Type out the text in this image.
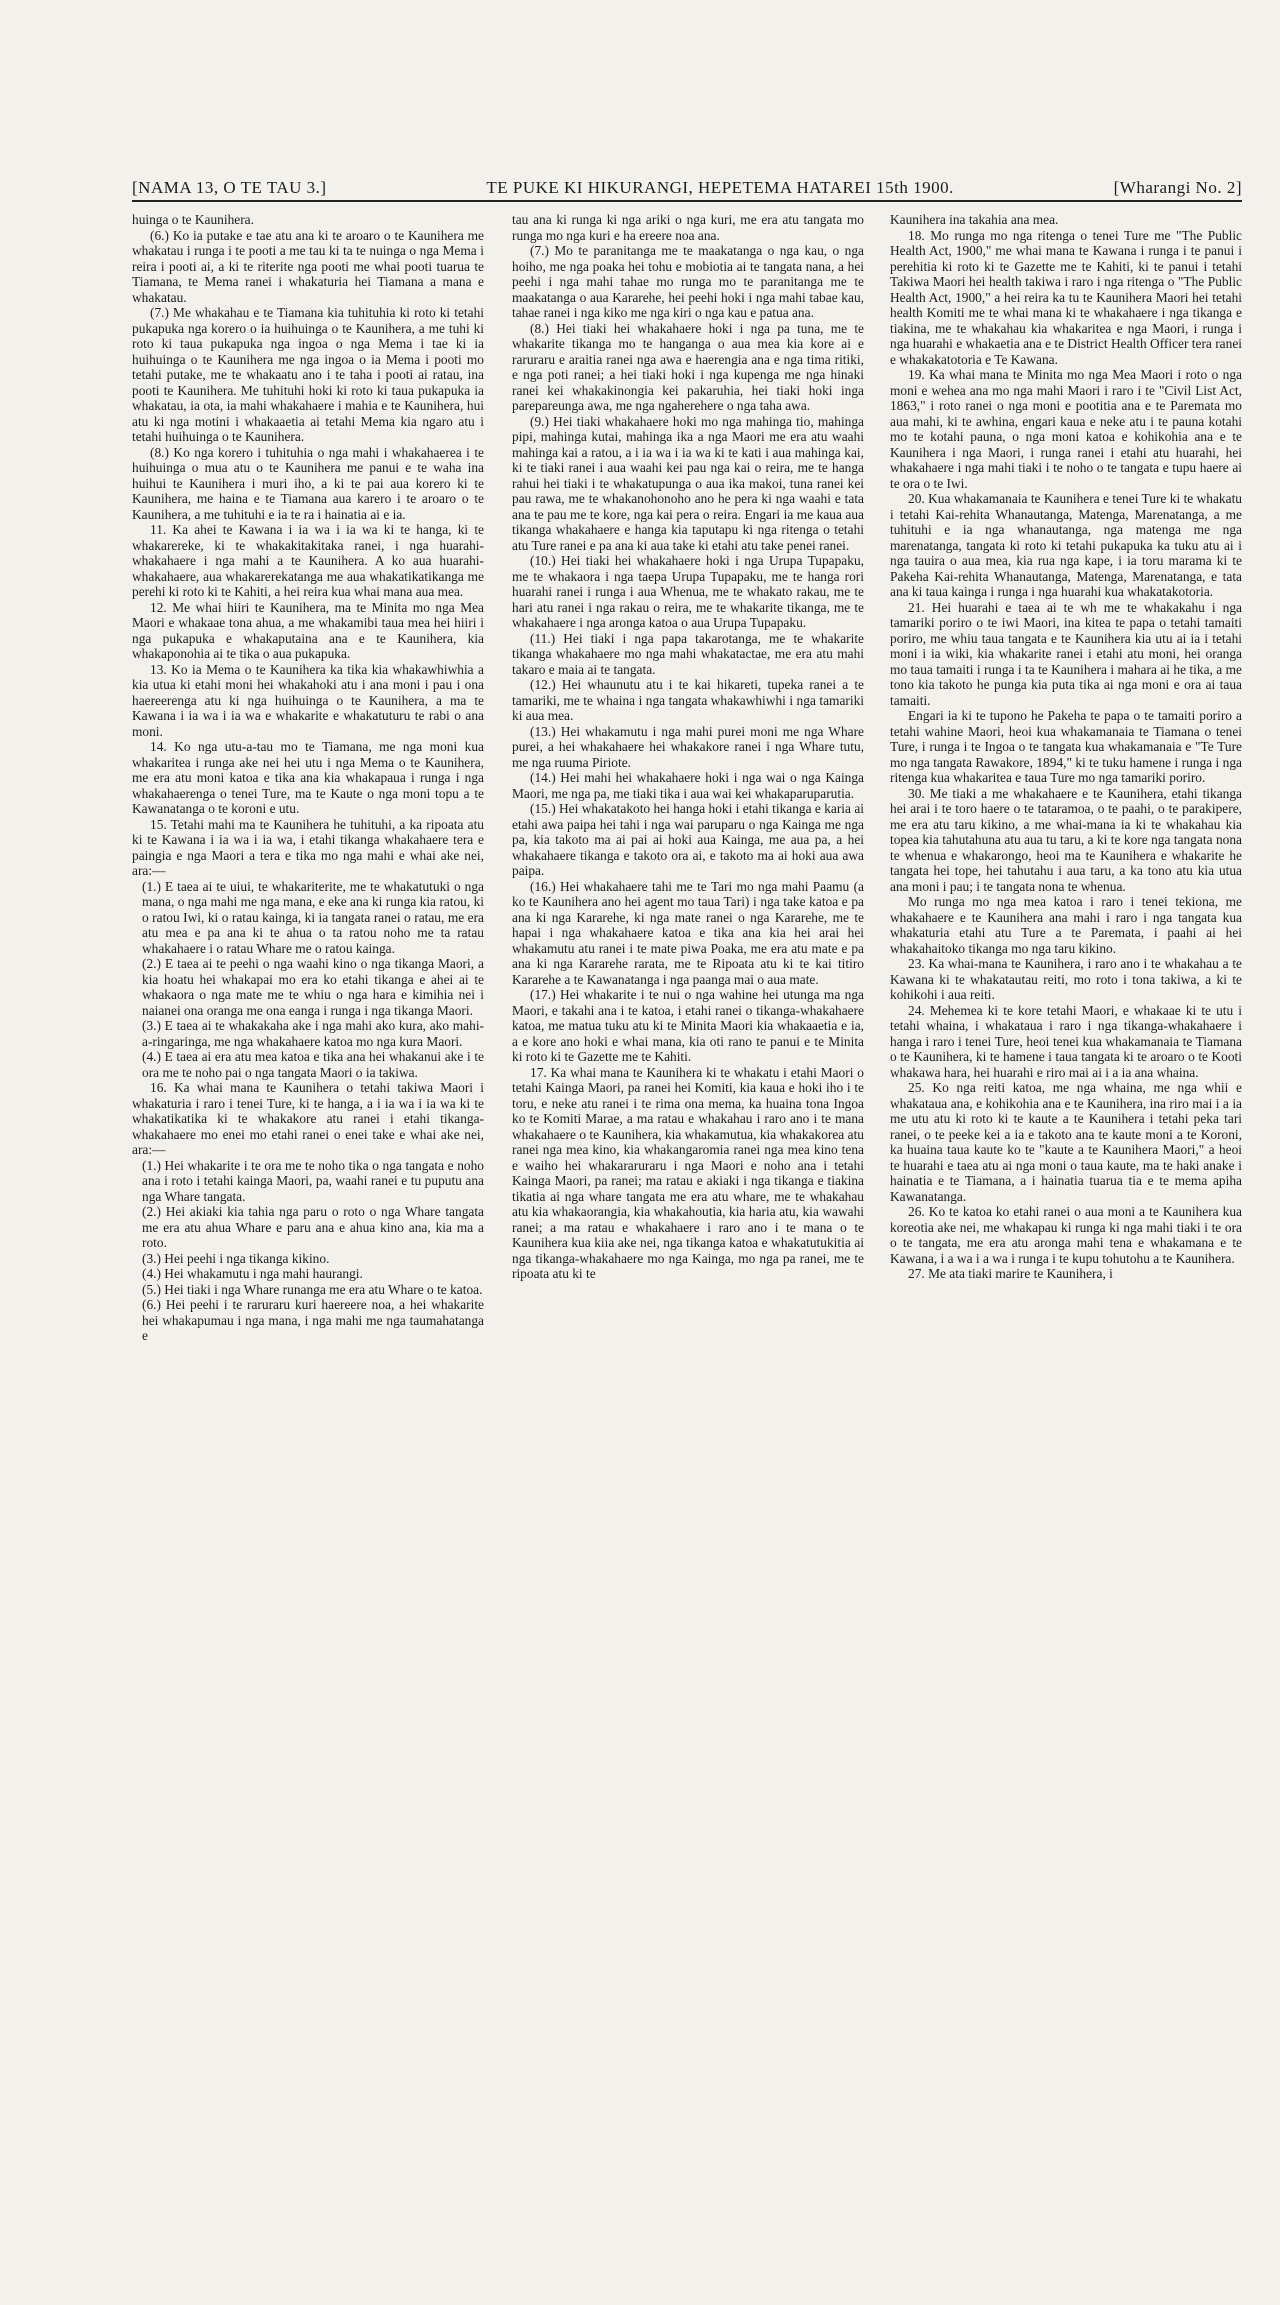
[NAMA 13, O TE TAU 3.]	TE PUKE KI HIKURANGI, HEPETEMA HATAREI 15th 1900.	[Wharangi No. 2]

huinga o te Kaunihera.

(6.) Ko ia putake e tae atu ana ki te aroaro o te Kaunihera me whakatau i runga i te pooti a me tau ki ta te nuinga o nga Mema i reira i pooti ai, a ki te riterite nga pooti me whai pooti tuarua te Tiamana, te Mema ranei i whakaturia hei Tiamana a mana e whakatau.

(7.) Me whakahau e te Tiamana kia tuhituhia ki roto ki tetahi pukapuka nga korero o ia huihuinga o te Kaunihera, a me tuhi ki roto ki taua pukapuka nga ingoa o nga Mema i tae ki ia huihuinga o te Kaunihera me nga ingoa o ia Mema i pooti mo tetahi putake, me te whakaatu ano i te taha i pooti ai ratau, ina pooti te Kaunihera. Me tuhituhi hoki ki roto ki taua pukapuka ia whakatau, ia ota, ia mahi whakahaere i mahia e te Kaunihera, hui atu ki nga motini i whakaaetia ai tetahi Mema kia ngaro atu i tetahi huihuinga o te Kaunihera.

(8.) Ko nga korero i tuhituhia o nga mahi i whakahaerea i te huihuinga o mua atu o te Kaunihera me panui e te waha ina huihui te Kaunihera i muri iho, a ki te pai aua korero ki te Kaunihera, me haina e te Tiamana aua karero i te aroaro o te Kaunihera, a me tuhituhi e ia te ra i hainatia ai e ia.

11. Ka ahei te Kawana i ia wa i ia wa ki te hanga, ki te whakarereke, ki te whakakitakitaka ranei, i nga huarahi-whakahaere i nga mahi a te Kaunihera. A ko aua huarahi-whakahaere, aua whakarerekatanga me aua whakatikatikanga me perehi ki roto ki te Kahiti, a hei reira kua whai mana aua mea.

12. Me whai hiiri te Kaunihera, ma te Minita mo nga Mea Maori e whakaae tona ahua, a me whakamibi taua mea hei hiiri i nga pukapuka e whakaputaina ana e te Kaunihera, kia whakaponohia ai te tika o aua pukapuka.

13. Ko ia Mema o te Kaunihera ka tika kia whakawhiwhia a kia utua ki etahi moni hei whakahoki atu i ana moni i pau i ona haereerenga atu ki nga huihuinga o te Kaunihera, a ma te Kawana i ia wa i ia wa e whakarite e whakatuturu te rabi o ana moni.

14. Ko nga utu-a-tau mo te Tiamana, me nga moni kua whakaritea i runga ake nei hei utu i nga Mema o te Kaunihera, me era atu moni katoa e tika ana kia whakapaua i runga i nga whakahaerenga o tenei Ture, ma te Kaute o nga moni topu a te Kawanatanga o te koroni e utu.

15. Tetahi mahi ma te Kaunihera he tuhituhi, a ka ripoata atu ki te Kawana i ia wa i ia wa, i etahi tikanga whakahaere tera e paingia e nga Maori a tera e tika mo nga mahi e whai ake nei, ara:—

(1.) E taea ai te uiui, te whakariterite, me te whakatutuki o nga mana, o nga mahi me nga mana, e eke ana ki runga kia ratou, ki o ratou Iwi, ki o ratau kainga, ki ia tangata ranei o ratau, me era atu mea e pa ana ki te ahua o ta ratou noho me ta ratau whakahaere i o ratau Whare me o ratou kainga.

(2.) E taea ai te peehi o nga waahi kino o nga tikanga Maori, a kia hoatu hei whakapai mo era ko etahi tikanga e ahei ai te whakaora o nga mate me te whiu o nga hara e kimihia nei i naianei ona oranga me ona eanga i runga i nga tikanga Maori.

(3.) E taea ai te whakakaha ake i nga mahi ako kura, ako mahi-a-ringaringa, me nga whakahaere katoa mo nga kura Maori.

(4.) E taea ai era atu mea katoa e tika ana hei whakanui ake i te ora me te noho pai o nga tangata Maori o ia takiwa.

16. Ka whai mana te Kaunihera o tetahi takiwa Maori i whakaturia i raro i tenei Ture, ki te hanga, a i ia wa i ia wa ki te whakatikatika ki te whakakore atu ranei i etahi tikanga-whakahaere mo enei mo etahi ranei o enei take e whai ake nei, ara:—

(1.) Hei whakarite i te ora me te noho tika o nga tangata e noho ana i roto i tetahi kainga Maori, pa, waahi ranei e tu puputu ana nga Whare tangata.

(2.) Hei akiaki kia tahia nga paru o roto o nga Whare tangata me era atu ahua Whare e paru ana e ahua kino ana, kia ma a roto.

(3.) Hei peehi i nga tikanga kikino.

(4.) Hei whakamutu i nga mahi haurangi.

(5.) Hei tiaki i nga Whare runanga me era atu Whare o te katoa.

(6.) Hei peehi i te raruraru kuri haereere noa, a hei whakarite hei whakapumau i nga mana, i nga mahi me nga taumahatanga e

tau ana ki runga ki nga ariki o nga kuri, me era atu tangata mo runga mo nga kuri e ha ereere noa ana.

(7.) Mo te paranitanga me te maakatanga o nga kau, o nga hoiho, me nga poaka hei tohu e mobiotia ai te tangata nana, a hei peehi i nga mahi tahae mo runga mo te paranitanga me te maakatanga o aua Kararehe, hei peehi hoki i nga mahi tabae kau, tahae ranei i nga kiko me nga kiri o nga kau e patua ana.

(8.) Hei tiaki hei whakahaere hoki i nga pa tuna, me te whakarite tikanga mo te hanganga o aua mea kia kore ai e raruraru e araitia ranei nga awa e haerengia ana e nga tima ritiki, e nga poti ranei; a hei tiaki hoki i nga kupenga me nga hinaki ranei kei whakakinongia kei pakaruhia, hei tiaki hoki inga parepareunga awa, me nga ngaherehere o nga taha awa.

(9.) Hei tiaki whakahaere hoki mo nga mahinga tio, mahinga pipi, mahinga kutai, mahinga ika a nga Maori me era atu waahi mahinga kai a ratou, a i ia wa i ia wa ki te kati i aua mahinga kai, ki te tiaki ranei i aua waahi kei pau nga kai o reira, me te hanga rahui hei tiaki i te whakatupunga o aua ika makoi, tuna ranei kei pau rawa, me te whakanohonoho ano he pera ki nga waahi e tata ana te pau me te kore, nga kai pera o reira. Engari ia me kaua aua tikanga whakahaere e hanga kia taputapu ki nga ritenga o tetahi atu Ture ranei e pa ana ki aua take ki etahi atu take penei ranei.

(10.) Hei tiaki hei whakahaere hoki i nga Urupa Tupapaku, me te whakaora i nga taepa Urupa Tupapaku, me te hanga rori huarahi ranei i runga i aua Whenua, me te whakato rakau, me te hari atu ranei i nga rakau o reira, me te whakarite tikanga, me te whakahaere i nga aronga katoa o aua Urupa Tupapaku.

(11.) Hei tiaki i nga papa takarotanga, me te whakarite tikanga whakahaere mo nga mahi whakatactae, me era atu mahi takaro e maia ai te tangata.

(12.) Hei whaunutu atu i te kai hikareti, tupeka ranei a te tamariki, me te whaina i nga tangata whakawhiwhi i nga tamariki ki aua mea.

(13.) Hei whakamutu i nga mahi purei moni me nga Whare purei, a hei whakahaere hei whakakore ranei i nga Whare tutu, me nga ruuma Piriote.

(14.) Hei mahi hei whakahaere hoki i nga wai o nga Kainga Maori, me nga pa, me tiaki tika i aua wai kei whakaparuparutia.

(15.) Hei whakatakoto hei hanga hoki i etahi tikanga e karia ai etahi awa paipa hei tahi i nga wai paruparu o nga Kainga me nga pa, kia takoto ma ai pai ai hoki aua Kainga, me aua pa, a hei whakahaere tikanga e takoto ora ai, e takoto ma ai hoki aua awa paipa.

(16.) Hei whakahaere tahi me te Tari mo nga mahi Paamu (a ko te Kaunihera ano hei agent mo taua Tari) i nga take katoa e pa ana ki nga Kararehe, ki nga mate ranei o nga Kararehe, me te hapai i nga whakahaere katoa e tika ana kia hei arai hei whakamutu atu ranei i te mate piwa Poaka, me era atu mate e pa ana ki nga Kararehe rarata, me te Ripoata atu ki te kai titiro Kararehe a te Kawanatanga i nga paanga mai o aua mate.

(17.) Hei whakarite i te nui o nga wahine hei utunga ma nga Maori, e takahi ana i te katoa, i etahi ranei o tikanga-whakahaere katoa, me matua tuku atu ki te Minita Maori kia whakaaetia e ia, a e kore ano hoki e whai mana, kia oti rano te panui e te Minita ki roto ki te Gazette me te Kahiti.

17. Ka whai mana te Kaunihera ki te whakatu i etahi Maori o tetahi Kainga Maori, pa ranei hei Komiti, kia kaua e hoki iho i te toru, e neke atu ranei i te rima ona mema, ka huaina tona Ingoa ko te Komiti Marae, a ma ratau e whakahau i raro ano i te mana whakahaere o te Kaunihera, kia whakamutua, kia whakakorea atu ranei nga mea kino, kia whakangaromia ranei nga mea kino tena e waiho hei whakararuraru i nga Maori e noho ana i tetahi Kainga Maori, pa ranei; ma ratau e akiaki i nga tikanga e tiakina tikatia ai nga whare tangata me era atu whare, me te whakahau atu kia whakaorangia, kia whakahoutia, kia haria atu, kia wawahi ranei; a ma ratau e whakahaere i raro ano i te mana o te Kaunihera kua kiia ake nei, nga tikanga katoa e whakatutukitia ai nga tikanga-whakahaere mo nga Kainga, mo nga pa ranei, me te ripoata atu ki te

Kaunihera ina takahia ana mea.

18. Mo runga mo nga ritenga o tenei Ture me "The Public Health Act, 1900," me whai mana te Kawana i runga i te panui i perehitia ki roto ki te Gazette me te Kahiti, ki te panui i tetahi Takiwa Maori hei health takiwa i raro i nga ritenga o "The Public Health Act, 1900," a hei reira ka tu te Kaunihera Maori hei tetahi health Komiti me te whai mana ki te whakahaere i nga tikanga e tiakina, me te whakahau kia whakaritea e nga Maori, i runga i nga huarahi e whakaetia ana e te District Health Officer tera ranei e whakakatotoria e Te Kawana.

19. Ka whai mana te Minita mo nga Mea Maori i roto o nga moni e wehea ana mo nga mahi Maori i raro i te "Civil List Act, 1863," i roto ranei o nga moni e pootitia ana e te Paremata mo aua mahi, ki te awhina, engari kaua e neke atu i te pauna kotahi mo te kotahi pauna, o nga moni katoa e kohikohia ana e te Kaunihera i nga Maori, i runga ranei i etahi atu huarahi, hei whakahaere i nga mahi tiaki i te noho o te tangata e tupu haere ai te ora o te Iwi.

20. Kua whakamanaia te Kaunihera e tenei Ture ki te whakatu i tetahi Kai-rehita Whanautanga, Matenga, Marenatanga, a me tuhituhi e ia nga whanautanga, nga matenga me nga marenatanga, tangata ki roto ki tetahi pukapuka ka tuku atu ai i nga tauira o aua mea, kia rua nga kape, i ia toru marama ki te Pakeha Kai-rehita Whanautanga, Matenga, Marenatanga, e tata ana ki taua kainga i runga i nga huarahi kua whakatakotoria.

21. Hei huarahi e taea ai te wh me te whakakahu i nga tamariki poriro o te iwi Maori, ina kitea te papa o tetahi tamaiti poriro, me whiu taua tangata e te Kaunihera kia utu ai ia i tetahi moni i ia wiki, kia whakarite ranei i etahi atu moni, hei oranga mo taua tamaiti i runga i ta te Kaunihera i mahara ai he tika, a me tono kia takoto he punga kia puta tika ai nga moni e ora ai taua tamaiti.

Engari ia ki te tupono he Pakeha te papa o te tamaiti poriro a tetahi wahine Maori, heoi kua whakamanaia te Tiamana o tenei Ture, i runga i te Ingoa o te tangata kua whakamanaia e "Te Ture mo nga tangata Rawakore, 1894," ki te tuku hamene i runga i nga ritenga kua whakaritea e taua Ture mo nga tamariki poriro.

30. Me tiaki a me whakahaere e te Kaunihera, etahi tikanga hei arai i te toro haere o te tataramoa, o te paahi, o te parakipere, me era atu taru kikino, a me whai-mana ia ki te whakahau kia topea kia tahutahuna atu aua tu taru, a ki te kore nga tangata nona te whenua e whakarongo, heoi ma te Kaunihera e whakarite he tangata hei tope, hei tahutahu i aua taru, a ka tono atu kia utua ana moni i pau; i te tangata nona te whenua.

Mo runga mo nga mea katoa i raro i tenei tekiona, me whakahaere e te Kaunihera ana mahi i raro i nga tangata kua whakaturia etahi atu Ture a te Paremata, i paahi ai hei whakahaitoko tikanga mo nga taru kikino.

23. Ka whai-mana te Kaunihera, i raro ano i te whakahau a te Kawana ki te whakatautau reiti, mo roto i tona takiwa, a ki te kohikohi i aua reiti.

24. Mehemea ki te kore tetahi Maori, e whakaae ki te utu i tetahi whaina, i whakataua i raro i nga tikanga-whakahaere i hanga i raro i tenei Ture, heoi tenei kua whakamanaia te Tiamana o te Kaunihera, ki te hamene i taua tangata ki te aroaro o te Kooti whakawa hara, hei huarahi e riro mai ai i a ia ana whaina.

25. Ko nga reiti katoa, me nga whaina, me nga whii e whakataua ana, e kohikohia ana e te Kaunihera, ina riro mai i a ia me utu atu ki roto ki te kaute a te Kaunihera i tetahi peka tari ranei, o te peeke kei a ia e takoto ana te kaute moni a te Koroni, ka huaina taua kaute ko te "kaute a te Kaunihera Maori," a heoi te huarahi e taea atu ai nga moni o taua kaute, ma te haki anake i hainatia e te Tiamana, a i hainatia tuarua tia e te mema apiha Kawanatanga.

26. Ko te katoa ko etahi ranei o aua moni a te Kaunihera kua koreotia ake nei, me whakapau ki runga ki nga mahi tiaki i te ora o te tangata, me era atu aronga mahi tena e whakamana e te Kawana, i a wa i a wa i runga i te kupu tohutohu a te Kaunihera.

27. Me ata tiaki marire te Kaunihera, i
